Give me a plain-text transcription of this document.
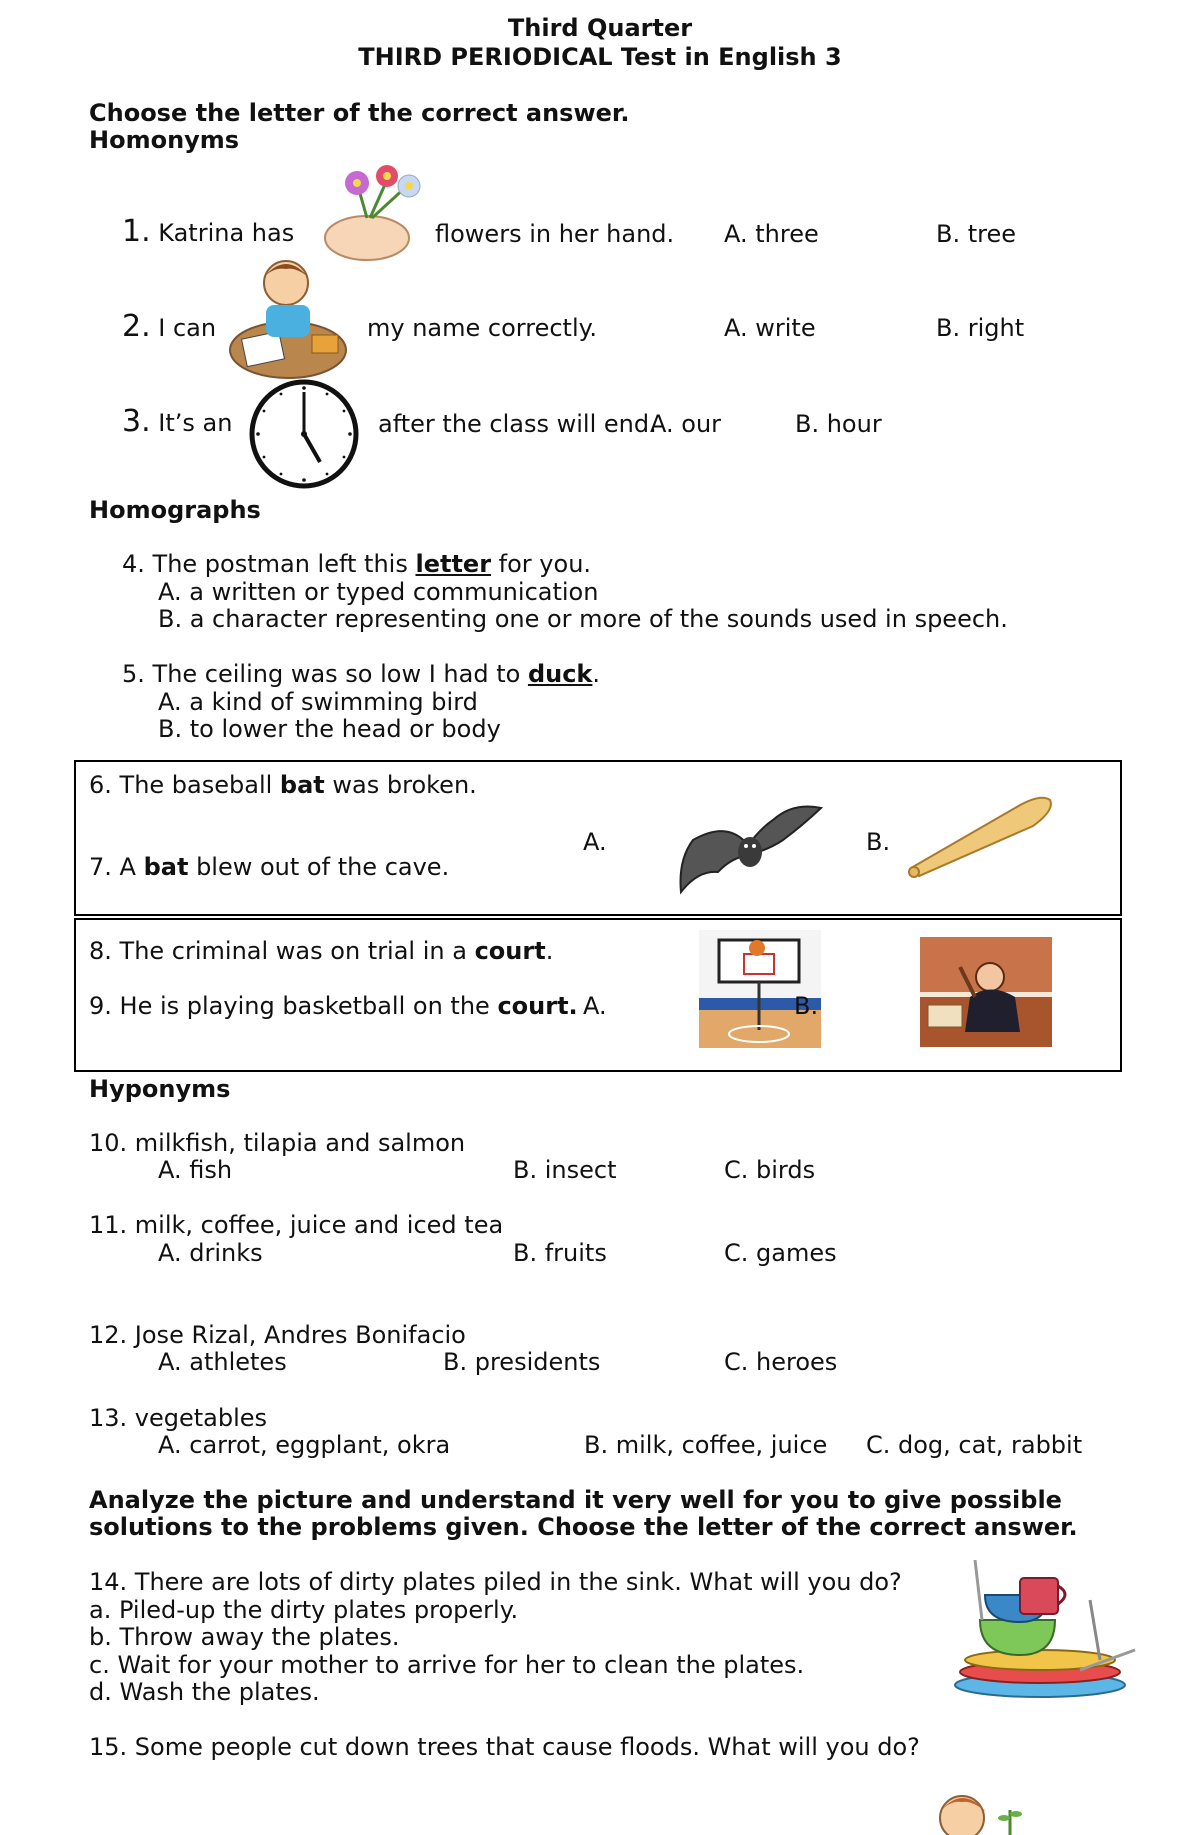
Third Quarter
THIRD PERIODICAL Test in English 3
Choose the letter of the correct answer.
Homonyms
1. Katrina has	flowers in her hand. A. three	B. tree
2. I can	my name correctly.	A. write	B. right
3. It’s an	after the class will end.
A. our	B. hour
Homographs
4. The postman left this letter for you.
A. a written or typed communication
B. a character representing one or more of the sounds used in speech.
5. The ceiling was so low I had to duck.
A. a kind of swimming bird
B. to lower the head or body
6. The baseball bat was broken.
7. A bat blew out of the cave.
A.	B.
8. The criminal was on trial in a court.
9. He is playing basketball on the court. A.	B.
Hyponyms
10. milkfish, tilapia and salmon
A. fish	B. insect	C. birds
11. milk, coffee, juice and iced tea
A. drinks	B. fruits	C. games
12. Jose Rizal, Andres Bonifacio
A. athletes	B. presidents	C. heroes
13. vegetables
A. carrot, eggplant, okra	B. milk, coffee, juice C. dog, cat, rabbit
Analyze the picture and understand it very well for you to give possible
solutions to the problems given. Choose the letter of the correct answer.
14. There are lots of dirty plates piled in the sink. What will you do?
a. Piled-up the dirty plates properly.
b. Throw away the plates.
c. Wait for your mother to arrive for her to clean the plates.
d. Wash the plates.
15. Some people cut down trees that cause floods. What will you do?
